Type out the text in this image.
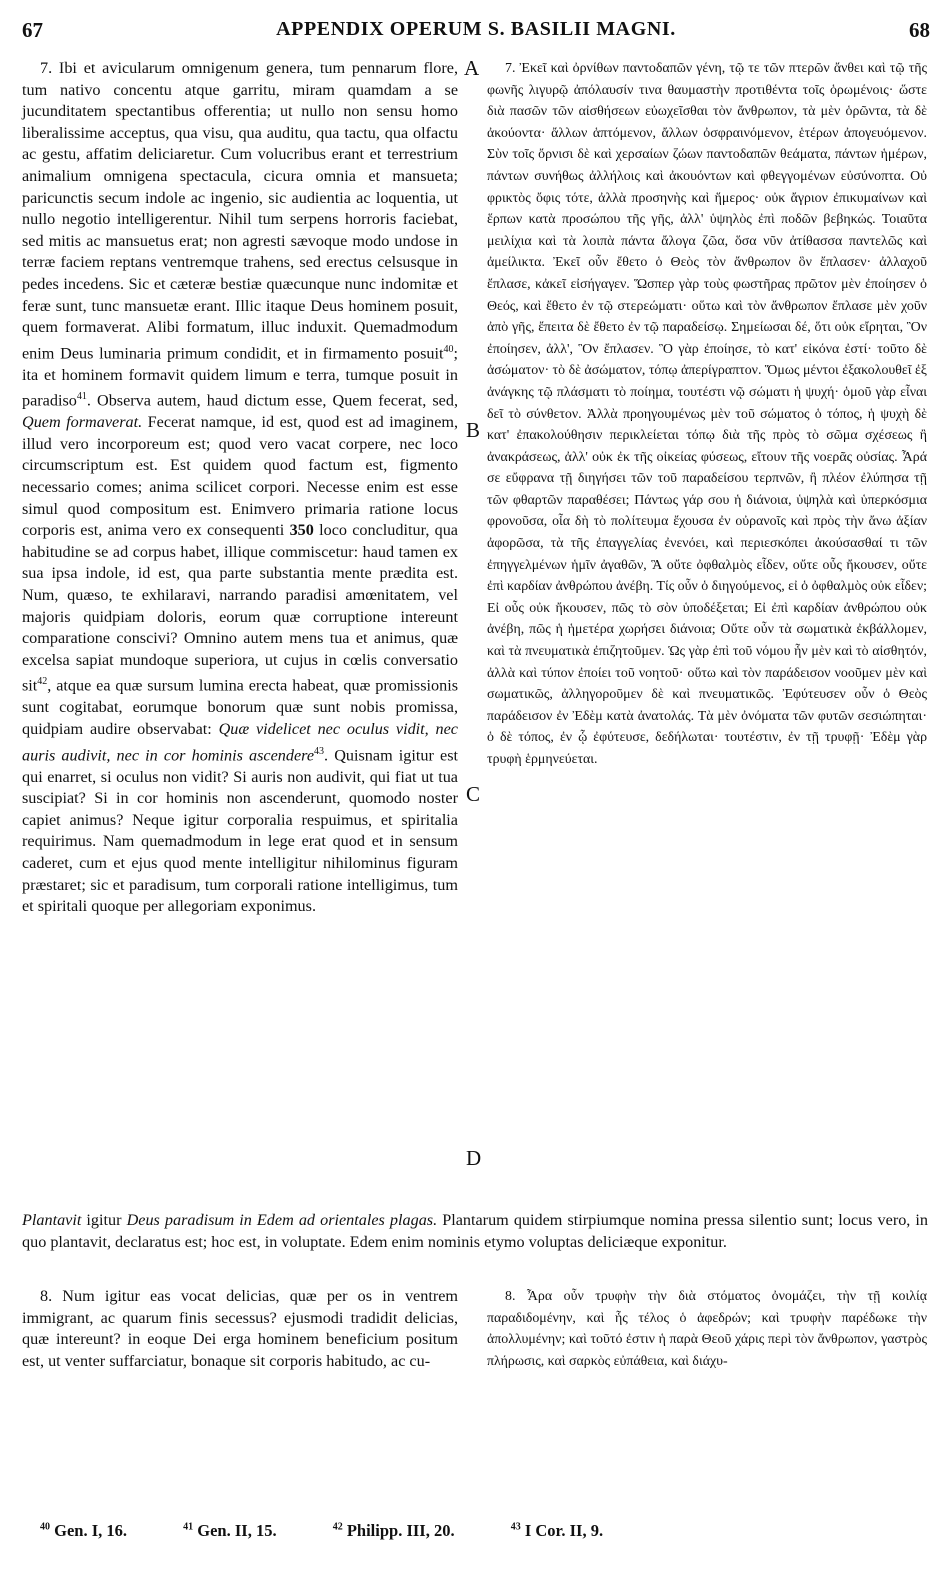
67	APPENDIX OPERUM S. BASILII MAGNI.	68

7. Ibi et avicularum omnigenum genera, tum pennarum flore, tum nativo concentu atque garritu, miram quamdam a se jucunditatem spectantibus offerentia; ut nullo non sensu homo liberalissime acceptus, qua visu, qua auditu, qua tactu, qua olfactu ac gestu, affatim deliciaretur. Cum volucribus erant et terrestrium animalium omnigena spectacula, cicura omnia et mansueta; paricunctis secum indole ac ingenio, sic audientia ac loquentia, ut nullo negotio intelligerentur. Nihil tum serpens horroris faciebat, sed mitis ac mansuetus erat; non agresti sævoque modo undose in terræ faciem reptans ventremque trahens, sed erectus celsusque in pedes incedens. Sic et cæteræ bestiæ quæcunque nunc indomitæ et feræ sunt, tunc mansuetæ erant. Illic itaque Deus hominem posuit, quem formaverat. Alibi formatum, illuc induxit. Quemadmodum enim Deus luminaria primum condidit, et in firmamento posuit$^{40}$; ita et hominem formavit quidem limum e terra, tumque posuit in paradiso$^{41}$. Observa autem, haud dictum esse, Quem fecerat, sed, Quem formaverat. Fecerat namque, id est, quod est ad imaginem, illud vero incorporeum est; quod vero vacat corpere, nec loco circumscriptum est. Est quidem quod factum est, figmento necessario comes; anima scilicet corpori. Necesse enim est esse simul quod compositum est. Enimvero primaria ratione locus corporis est, anima vero ex consequenti 350 loco concluditur, qua habitudine se ad corpus habet, illique commiscetur: haud tamen ex sua ipsa indole, id est, qua parte substantia mente prædita est. Num, quæso, te exhilaravi, narrando paradisi amœnitatem, vel majoris quidpiam doloris, eorum quæ corruptione intereunt comparatione conscivi? Omnino autem mens tua et animus, quæ excelsa sapiat mundoque superiora, ut cujus in cœlis conversatio sit$^{42}$, atque ea quæ sursum lumina erecta habeat, quæ promissionis sunt cogitabat, eorumque bonorum quæ sunt nobis promissa, quidpiam audire observabat: Quæ videlicet nec oculus vidit, nec auris audivit, nec in cor hominis ascendere$^{43}$. Quisnam igitur est qui enarret, si oculus non vidit? Si auris non audivit, qui fiat ut tua suscipiat? Si in cor hominis non ascenderunt, quomodo noster capiet animus? Neque igitur corporalia respuimus, et spiritalia requirimus. Nam quemadmodum in lege erat quod et in sensum caderet, cum et ejus quod mente intelligitur nihilominus figuram præstaret; sic et paradisum, tum corporali ratione intelligimus, tum et spiritali quoque per allegoriam exponimus.

7. Ἐκεῖ καὶ ὀρνίθων παντοδαπῶν γένη, τῷ τε τῶν πτερῶν ἄνθει καὶ τῷ τῆς φωνῆς λιγυρῷ ἀπόλαυσίν τινα θαυμαστὴν προτιθέντα τοῖς ὁρωμένοις· ὥστε διὰ πασῶν τῶν αἰσθήσεων εὐωχεῖσθαι τὸν ἄνθρωπον, τὰ μὲν ὁρῶντα, τὰ δὲ ἀκούοντα· ἄλλων ἁπτόμενον, ἄλλων ὀσφραινόμενον, ἑτέρων ἀπογευόμενον. Σὺν τοῖς ὄρνισι δὲ καὶ χερσαίων ζώων παντοδαπῶν θεάματα, πάντων ἡμέρων, πάντων συνήθως ἀλλήλοις καὶ ἀκουόντων καὶ φθεγγομένων εὐσύνοπτα. Οὐ φρικτὸς ὄφις τότε, ἀλλὰ προσηνὴς καὶ ἥμερος· οὐκ ἄγριον ἐπικυμαίνων καὶ ἕρπων κατὰ προσώπου τῆς γῆς, ἀλλ' ὑψηλὸς ἐπὶ ποδῶν βεβηκώς. Τοιαῦτα μειλίχια καὶ τὰ λοιπὰ πάντα ἄλογα ζῶα, ὅσα νῦν ἀτίθασσα παντελῶς καὶ ἀμείλικτα. Ἐκεῖ οὖν ἔθετο ὁ Θεὸς τὸν ἄνθρωπον ὃν ἔπλασεν· ἀλλαχοῦ ἔπλασε, κἀκεῖ εἰσήγαγεν. Ὥσπερ γὰρ τοὺς φωστῆρας πρῶτον μὲν ἐποίησεν ὁ Θεός, καὶ ἔθετο ἐν τῷ στερεώματι· οὕτω καὶ τὸν ἄνθρωπον ἔπλασε μὲν χοῦν ἀπὸ γῆς, ἔπειτα δὲ ἔθετο ἐν τῷ παραδείσῳ. Σημείωσαι δέ, ὅτι οὐκ εἴρηται, Ὃν ἐποίησεν, ἀλλ', Ὃν ἔπλασεν. Ὃ γὰρ ἐποίησε, τὸ κατ' εἰκόνα ἐστί· τοῦτο δὲ ἀσώματον· τὸ δὲ ἀσώματον, τόπῳ ἀπερίγραπτον. Ὅμως μέντοι ἐξακολουθεῖ ἐξ ἀνάγκης τῷ πλάσματι τὸ ποίημα, τουτέστι νῷ σώματι ἡ ψυχή· ὁμοῦ γὰρ εἶναι δεῖ τὸ σύνθετον. Ἀλλὰ προηγουμένως μὲν τοῦ σώματος ὁ τόπος, ἡ ψυχὴ δὲ κατ' ἐπακολούθησιν περικλείεται τόπῳ διὰ τῆς πρὸς τὸ σῶμα σχέσεως ἢ ἀνακράσεως, ἀλλ' οὐκ ἐκ τῆς οἰκείας φύσεως, εἴτουν τῆς νοερᾶς οὐσίας. Ἆρά σε εὔφρανα τῇ διηγήσει τῶν τοῦ παραδείσου τερπνῶν, ἢ πλέον ἐλύπησα τῇ τῶν φθαρτῶν παραθέσει; Πάντως γάρ σου ἡ διάνοια, ὑψηλὰ καὶ ὑπερκόσμια φρονοῦσα, οἷα δὴ τὸ πολίτευμα ἔχουσα ἐν οὐρανοῖς καὶ πρὸς τὴν ἄνω ἀξίαν ἀφορῶσα, τὰ τῆς ἐπαγγελίας ἐνενόει, καὶ περιεσκόπει ἀκούσασθαί τι τῶν ἐπηγγελμένων ἡμῖν ἀγαθῶν, Ἃ οὔτε ὀφθαλμὸς εἶδεν, οὔτε οὖς ἤκουσεν, οὔτε ἐπὶ καρδίαν ἀνθρώπου ἀνέβη. Τίς οὖν ὁ διηγούμενος, εἰ ὁ ὀφθαλμὸς οὐκ εἶδεν; Εἰ οὖς οὐκ ἤκουσεν, πῶς τὸ σὸν ὑποδέξεται; Εἰ ἐπὶ καρδίαν ἀνθρώπου οὐκ ἀνέβη, πῶς ἡ ἡμετέρα χωρήσει διάνοια; Οὔτε οὖν τὰ σωματικὰ ἐκβάλλομεν, καὶ τὰ πνευματικὰ ἐπιζητοῦμεν. Ὡς γὰρ ἐπὶ τοῦ νόμου ἦν μὲν καὶ τὸ αἰσθητόν, ἀλλὰ καὶ τύπον ἐποίει τοῦ νοητοῦ· οὕτω καὶ τὸν παράδεισον νοοῦμεν μὲν καὶ σωματικῶς, ἀλληγοροῦμεν δὲ καὶ πνευματικῶς. Ἐφύτευσεν οὖν ὁ Θεὸς παράδεισον ἐν Ἐδὲμ κατὰ ἀνατολάς. Τὰ μὲν ὀνόματα τῶν φυτῶν σεσιώπηται· ὁ δὲ τόπος, ἐν ᾧ ἐφύτευσε, δεδήλωται· τουτέστιν, ἐν τῇ τρυφῇ· Ἐδὲμ γὰρ τρυφὴ ἑρμηνεύεται.

A
B
C
D

Plantavit igitur Deus paradisum in Edem ad orientales plagas. Plantarum quidem stirpiumque nomina pressa silentio sunt; locus vero, in quo plantavit, declaratus est; hoc est, in voluptate. Edem enim nominis etymo voluptas deliciæque exponitur.

8. Num igitur eas vocat delicias, quæ per os in ventrem immigrant, ac quarum finis secessus? ejusmodi tradidit delicias, quæ intereunt? in eoque Dei erga hominem beneficium positum est, ut venter suffarciatur, bonaque sit corporis habitudo, ac cu-

8. Ἆρα οὖν τρυφὴν τὴν διὰ στόματος ὀνομάζει, τὴν τῇ κοιλίᾳ παραδιδομένην, καὶ ἧς τέλος ὁ ἀφεδρών; καὶ τρυφὴν παρέδωκε τὴν ἀπολλυμένην; καὶ τοῦτό ἐστιν ἡ παρὰ Θεοῦ χάρις περὶ τὸν ἄνθρωπον, γαστρὸς πλήρωσις, καὶ σαρκὸς εὐπάθεια, καὶ διάχυ-

$^{40}$ Gen. I, 16.	$^{41}$ Gen. II, 15.	$^{42}$ Philipp. III, 20.	$^{43}$ I Cor. II, 9.
